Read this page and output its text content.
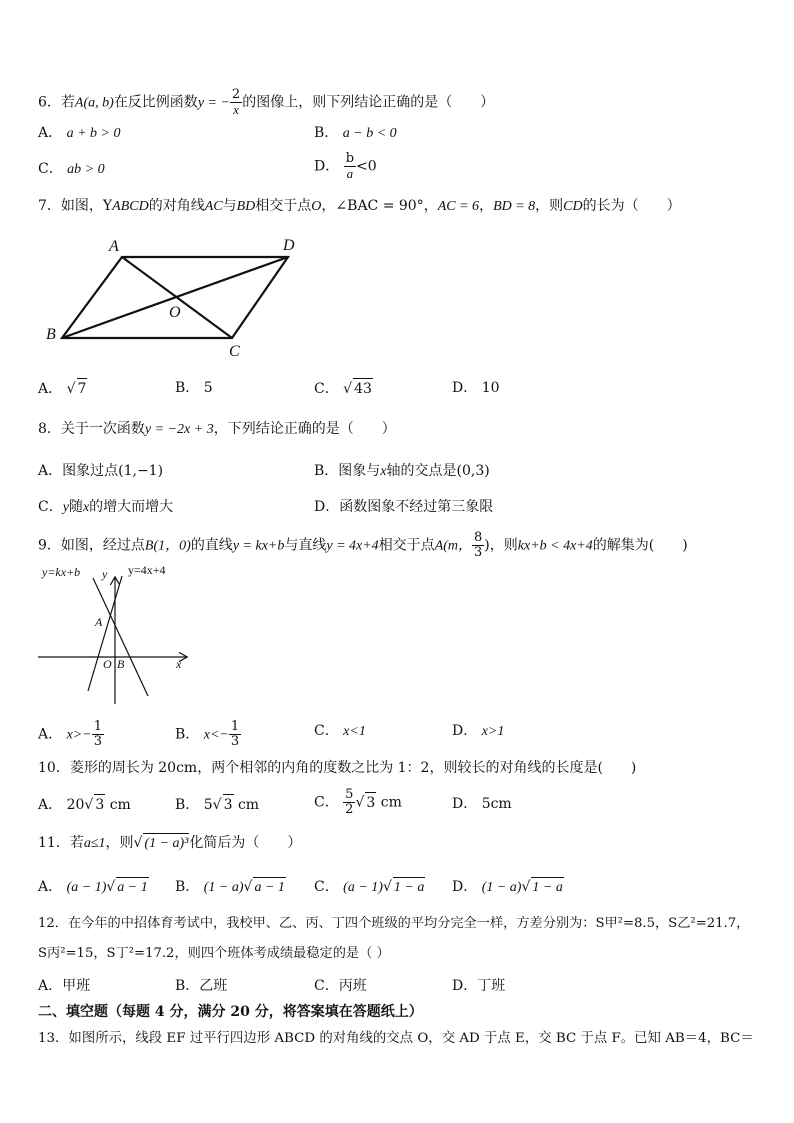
6．若A(a, b)在反比例函数y = − $\frac{2}{x}$ 的图像上，则下列结论正确的是（　　）
A． a + b > 0	B． a − b < 0
C． ab > 0	D． $\frac{b}{a} <0$
7．如图，YABCD的对角线AC与BD相交于点O，∠BAC = 90°，AC = 6，BD = 8，则CD的长为（　　）
A	D
B
C
O
A． √ 7	B． 5	C． √ 43	D． 10
8．关于一次函数y = −2x + 3，下列结论正确的是（　　）
A．图象过点(1,−1)	B．图象与x轴的交点是(0,3)
C．y随x的增大而增大	D．函数图象不经过第三象限
9．如图，经过点B(1，0)的直线y = kx+b与直线y = 4x+4相交于点A(m， $\frac{8}{3}$ )，则kx+b < 4x+4的解集为(　　)
y=kx+b	y=4x+4
y
x
A
O B
A． $x>- \frac{1}{3}$	B． $x<- \frac{1}{3}$	C． x<1	D． x>1
10．菱形的周长为 20cm，两个相邻的内角的度数之比为 1：2，则较长的对角线的长度是(　　)
A． 20√ 3 cm	B． 5√ 3 cm	C． $\frac{5}{2}$ √ 3 cm	D． 5cm
11．若a≤1，则√ (1 − a)³化简后为（　　）
A． (a − 1)√ a − 1 B． (1 − a)√ a − 1 C． (a − 1)√ 1 − a D． (1 − a)√ 1 − a
12．在今年的中招体育考试中，我校甲、乙、丙、丁四个班级的平均分完全一样，方差分别为：S甲²=8.5，S乙²=21.7，
S丙²=15，S丁²=17.2，则四个班体考成绩最稳定的是（ ）
A．甲班	B．乙班	C．丙班	D．丁班
二、填空题（每题 4 分，满分 20 分，将答案填在答题纸上）
13．如图所示，线段 EF 过平行四边形 ABCD 的对角线的交点 O，交 AD 于点 E，交 BC 于点 F。已知 AB＝4，BC＝
